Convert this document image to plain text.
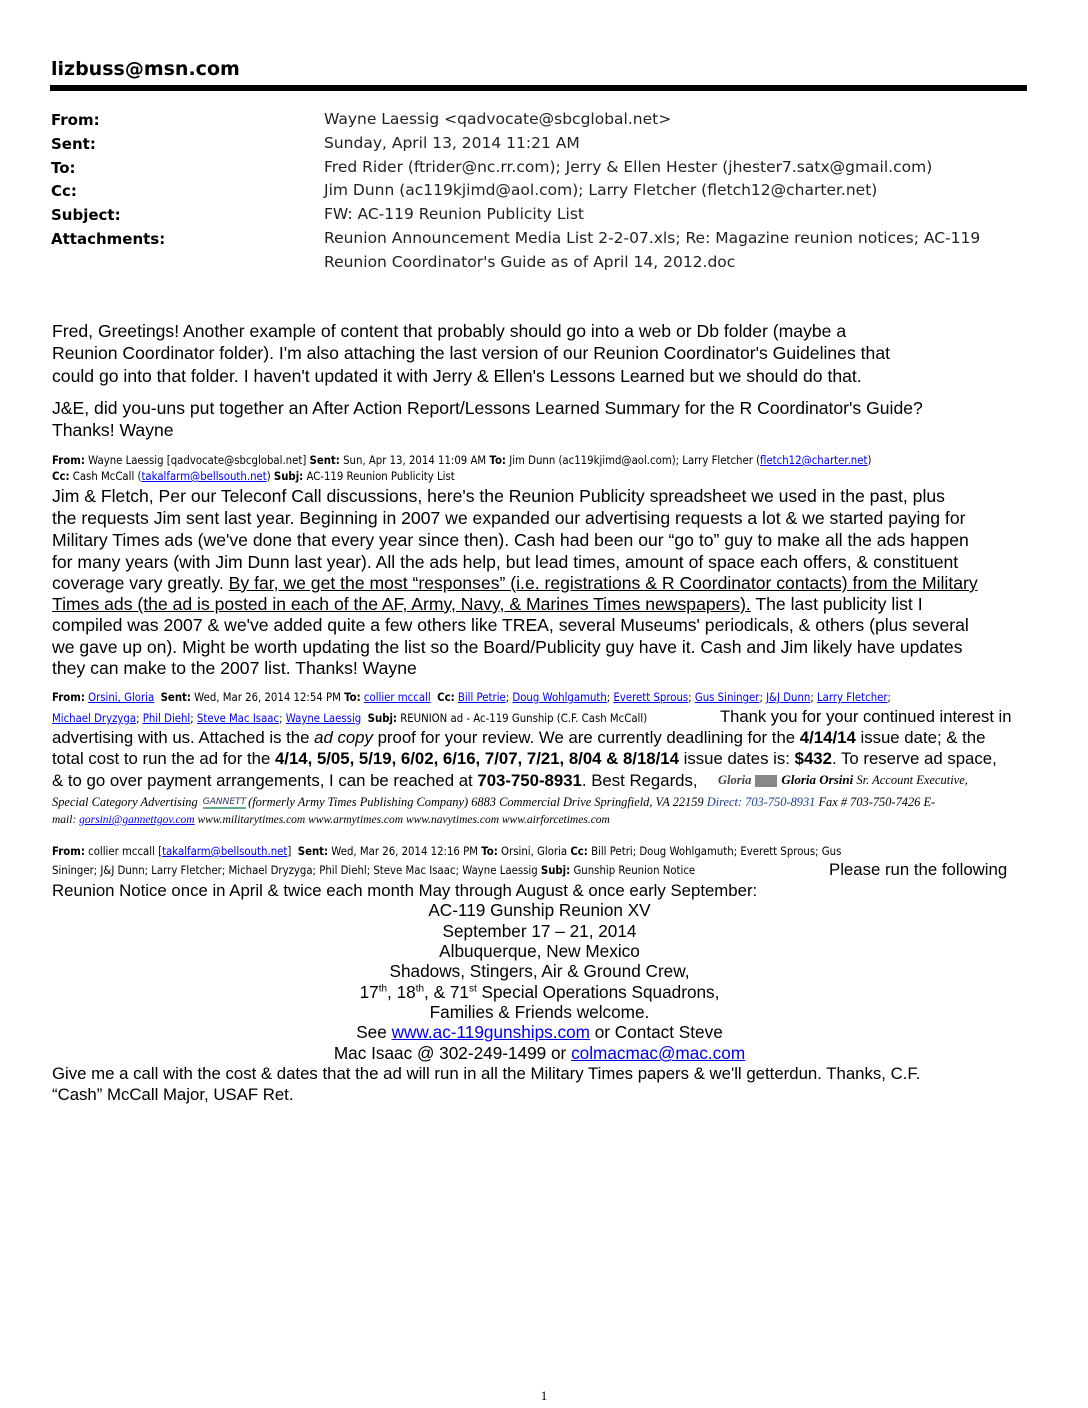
lizbuss@msn.com
From:	Wayne Laessig <qadvocate@sbcglobal.net>
Sent:	Sunday, April 13, 2014 11:21 AM
To:	Fred Rider (ftrider@nc.rr.com); Jerry & Ellen Hester (jhester7.satx@gmail.com)
Cc:	Jim Dunn (ac119kjimd@aol.com); Larry Fletcher (fletch12@charter.net)
Subject:	FW: AC-119 Reunion Publicity List
Attachments:	Reunion Announcement Media List 2-2-07.xls; Re: Magazine reunion notices; AC-119
Reunion Coordinator's Guide as of April 14, 2012.doc
Fred, Greetings! Another example of content that probably should go into a web or Db folder (maybe a
Reunion Coordinator folder). I'm also attaching the last version of our Reunion Coordinator's Guidelines that
could go into that folder. I haven't updated it with Jerry & Ellen's Lessons Learned but we should do that.
J&E, did you-uns put together an After Action Report/Lessons Learned Summary for the R Coordinator's Guide?
Thanks! Wayne
From: Wayne Laessig [qadvocate@sbcglobal.net] Sent: Sun, Apr 13, 2014 11:09 AM To: Jim Dunn (ac119kjimd@aol.com); Larry Fletcher (fletch12@charter.net)
Cc: Cash McCall (takalfarm@bellsouth.net) Subj: AC-119 Reunion Publicity List
Jim & Fletch, Per our Teleconf Call discussions, here's the Reunion Publicity spreadsheet we used in the past, plus
the requests Jim sent last year. Beginning in 2007 we expanded our advertising requests a lot & we started paying for
Military Times ads (we've done that every year since then). Cash had been our “go to” guy to make all the ads happen
for many years (with Jim Dunn last year). All the ads help, but lead times, amount of space each offers, & constituent
coverage vary greatly. By far, we get the most “responses” (i.e. registrations & R Coordinator contacts) from the Military
Times ads (the ad is posted in each of the AF, Army, Navy, & Marines Times newspapers). The last publicity list I
compiled was 2007 & we've added quite a few others like TREA, several Museums' periodicals, & others (plus several
we gave up on). Might be worth updating the list so the Board/Publicity guy have it. Cash and Jim likely have updates
they can make to the 2007 list. Thanks! Wayne
From: Orsini, Gloria Sent: Wed, Mar 26, 2014 12:54 PM To: collier mccall Cc: Bill Petrie; Doug Wohlgamuth; Everett Sprous; Gus Sininger; J&J Dunn; Larry Fletcher;
Michael Dryzyga; Phil Diehl; Steve Mac Isaac; Wayne Laessig Subj: REUNION ad - Ac-119 Gunship (C.F. Cash McCall)	Thank you for your continued interest in
advertising with us. Attached is the ad copy proof for your review. We are currently deadlining for the 4/14/14 issue date; & the
total cost to run the ad for the 4/14, 5/05, 5/19, 6/02, 6/16, 7/07, 7/21, 8/04 & 8/18/14 issue dates is: $432. To reserve ad space,
& to go over payment arrangements, I can be reached at 703-750-8931. Best Regards,	Gloria Gloria Orsini Sr. Account Executive,
Special Category Advertising GANNETT (formerly Army Times Publishing Company) 6883 Commercial Drive Springfield, VA 22159 Direct: 703-750-8931 Fax # 703-750-7426 E-
mail: gorsini@gannettgov.com www.militarytimes.com www.armytimes.com www.navytimes.com www.airforcetimes.com
From: collier mccall [takalfarm@bellsouth.net] Sent: Wed, Mar 26, 2014 12:16 PM To: Orsini, Gloria Cc: Bill Petri; Doug Wohlgamuth; Everett Sprous; Gus
Sininger; J&J Dunn; Larry Fletcher; Michael Dryzyga; Phil Diehl; Steve Mac Isaac; Wayne Laessig Subj: Gunship Reunion Notice	Please run the following
Reunion Notice once in April & twice each month May through August & once early September:
AC-119 Gunship Reunion XV
September 17 – 21, 2014
Albuquerque, New Mexico
Shadows, Stingers, Air & Ground Crew,
17th, 18th, & 71st Special Operations Squadrons,
Families & Friends welcome.
See www.ac-119gunships.com or Contact Steve
Mac Isaac @ 302-249-1499 or colmacmac@mac.com
Give me a call with the cost & dates that the ad will run in all the Military Times papers & we'll getterdun. Thanks, C.F.
“Cash” McCall Major, USAF Ret.
1
